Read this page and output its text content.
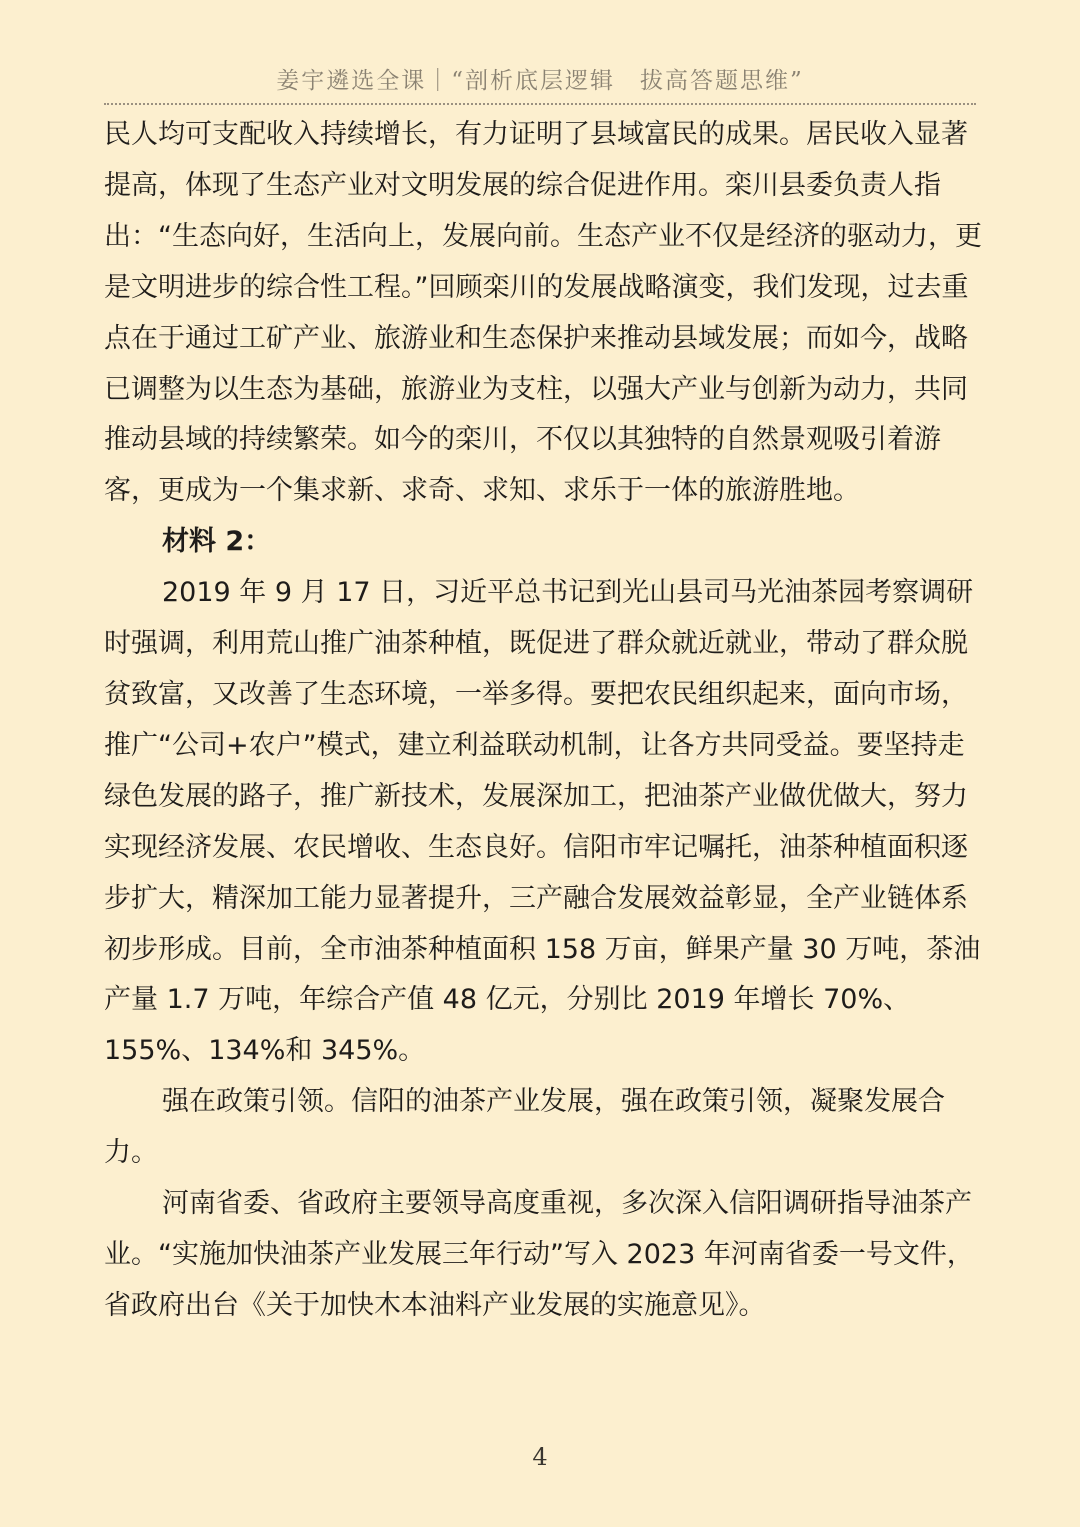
姜宇遴选全课｜“剖析底层逻辑　拔高答题思维”

民人均可支配收入持续增长，有力证明了县域富民的成果。居民收入显著提高，体现了生态产业对文明发展的综合促进作用。栾川县委负责人指出：“生态向好，生活向上，发展向前。生态产业不仅是经济的驱动力，更是文明进步的综合性工程。”回顾栾川的发展战略演变，我们发现，过去重点在于通过工矿产业、旅游业和生态保护来推动县域发展；而如今，战略已调整为以生态为基础，旅游业为支柱，以强大产业与创新为动力，共同推动县域的持续繁荣。如今的栾川，不仅以其独特的自然景观吸引着游客，更成为一个集求新、求奇、求知、求乐于一体的旅游胜地。

材料 2：

2019 年 9 月 17 日，习近平总书记到光山县司马光油茶园考察调研时强调，利用荒山推广油茶种植，既促进了群众就近就业，带动了群众脱贫致富，又改善了生态环境，一举多得。要把农民组织起来，面向市场，推广“公司+农户”模式，建立利益联动机制，让各方共同受益。要坚持走绿色发展的路子，推广新技术，发展深加工，把油茶产业做优做大，努力实现经济发展、农民增收、生态良好。信阳市牢记嘱托，油茶种植面积逐步扩大，精深加工能力显著提升，三产融合发展效益彰显，全产业链体系初步形成。目前，全市油茶种植面积 158 万亩，鲜果产量 30 万吨，茶油产量 1.7 万吨，年综合产值 48 亿元，分别比 2019 年增长 70%、155%、134%和 345%。

强在政策引领。信阳的油茶产业发展，强在政策引领，凝聚发展合力。

河南省委、省政府主要领导高度重视，多次深入信阳调研指导油茶产业。“实施加快油茶产业发展三年行动”写入 2023 年河南省委一号文件，省政府出台《关于加快木本油料产业发展的实施意见》。

4
